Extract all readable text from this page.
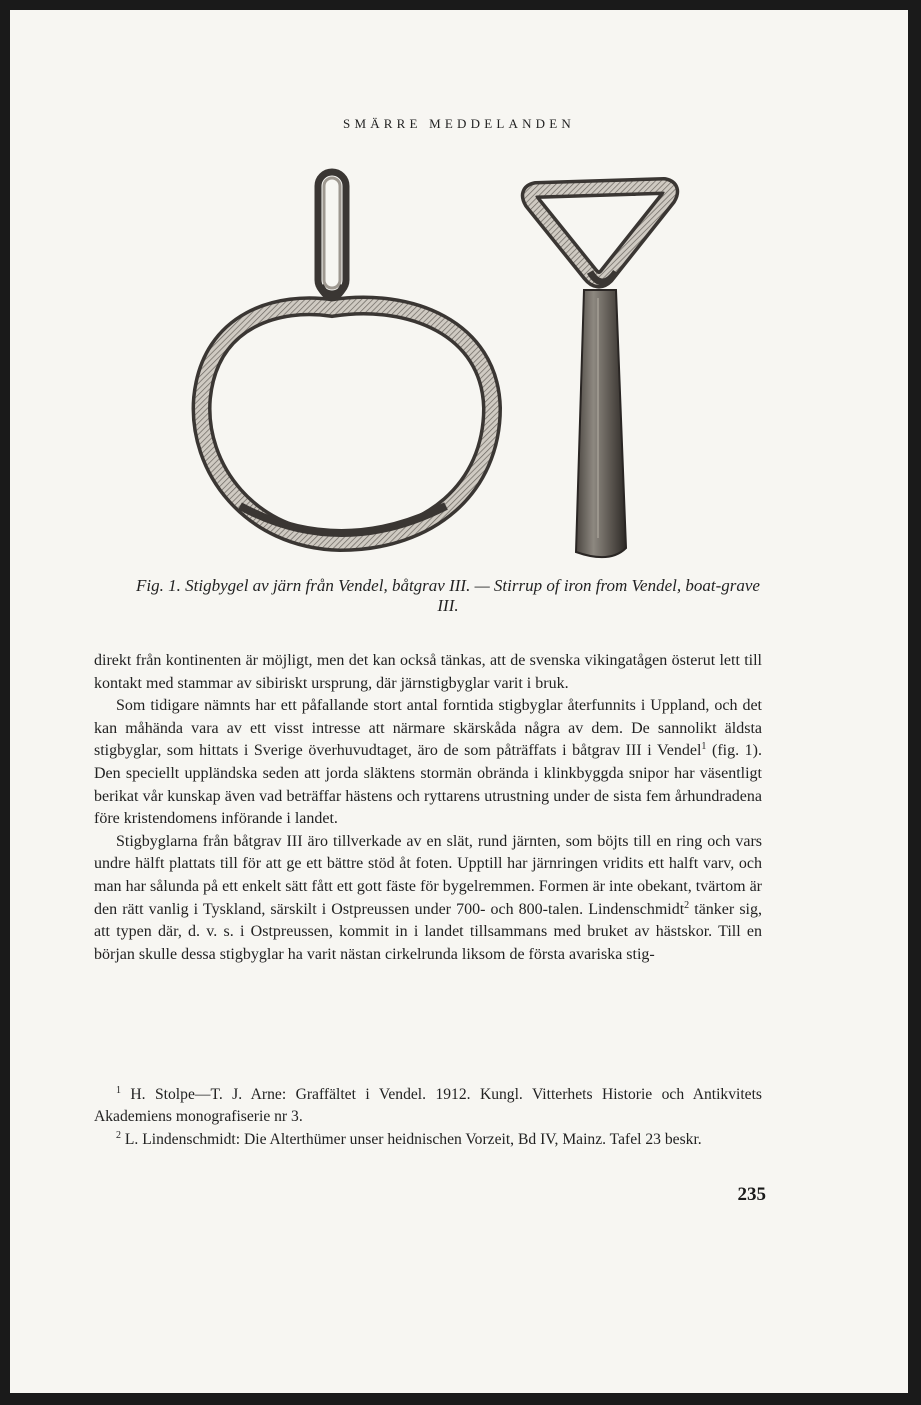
SMÄRRE MEDDELANDEN
Fig. 1. Stigbygel av järn från Vendel, båtgrav III. — Stirrup of iron from Vendel, boat-grave III.

direkt från kontinenten är möjligt, men det kan också tänkas, att de svenska vikingatågen österut lett till kontakt med stammar av sibiriskt ursprung, där järnstigbyglar varit i bruk.

Som tidigare nämnts har ett påfallande stort antal forntida stigbyglar återfunnits i Uppland, och det kan måhända vara av ett visst intresse att närmare skärskåda några av dem. De sannolikt äldsta stigbyglar, som hittats i Sverige överhuvudtaget, äro de som påträffats i båtgrav III i Vendel$^1$ (fig. 1). Den speciellt uppländska seden att jorda släktens stormän obrända i klinkbyggda snipor har väsentligt berikat vår kunskap även vad beträffar hästens och ryttarens utrustning under de sista fem århundradena före kristendomens införande i landet.

Stigbyglarna från båtgrav III äro tillverkade av en slät, rund järnten, som böjts till en ring och vars undre hälft plattats till för att ge ett bättre stöd åt foten. Upptill har järnringen vridits ett halft varv, och man har sålunda på ett enkelt sätt fått ett gott fäste för bygelremmen. Formen är inte obekant, tvärtom är den rätt vanlig i Tyskland, särskilt i Ostpreussen under 700- och 800-talen. Lindenschmidt$^2$ tänker sig, att typen där, d. v. s. i Ostpreussen, kommit in i landet tillsammans med bruket av hästskor. Till en början skulle dessa stigbyglar ha varit nästan cirkelrunda liksom de första avariska stig-

$^1$ H. Stolpe—T. J. Arne: Graffältet i Vendel. 1912. Kungl. Vitterhets Historie och Antikvitets Akademiens monografiserie nr 3.

$^2$ L. Lindenschmidt: Die Alterthümer unser heidnischen Vorzeit, Bd IV, Mainz. Tafel 23 beskr.

235
